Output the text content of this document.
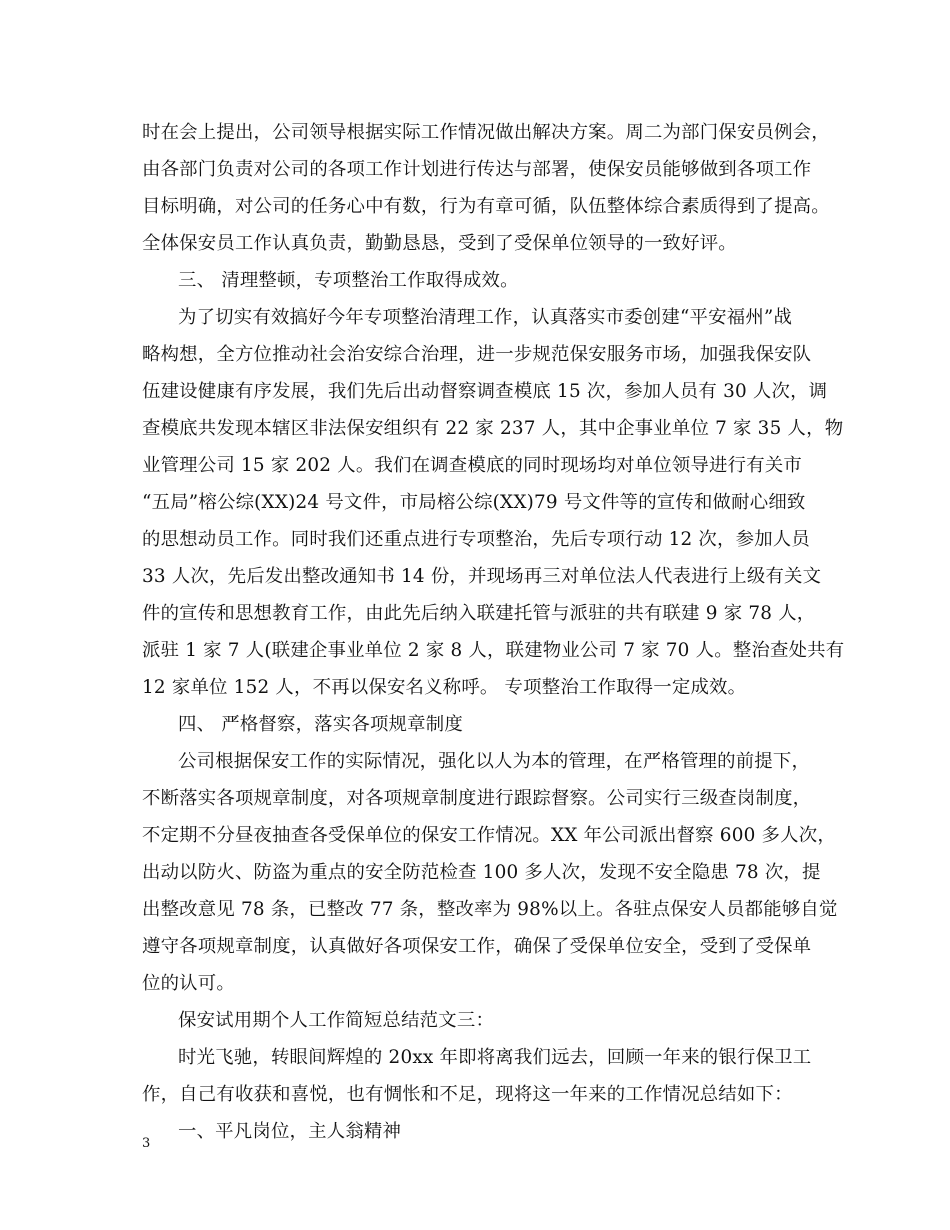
时在会上提出，公司领导根据实际工作情况做出解决方案。周二为部门保安员例会，
由各部门负责对公司的各项工作计划进行传达与部署，使保安员能够做到各项工作
目标明确，对公司的任务心中有数，行为有章可循，队伍整体综合素质得到了提高。
全体保安员工作认真负责，勤勤恳恳，受到了受保单位领导的一致好评。
三、 清理整顿，专项整治工作取得成效。
为了切实有效搞好今年专项整治清理工作，认真落实市委创建“平安福州”战
略构想，全方位推动社会治安综合治理，进一步规范保安服务市场，加强我保安队
伍建设健康有序发展，我们先后出动督察调查模底 15 次，参加人员有 30 人次，调
查模底共发现本辖区非法保安组织有 22 家 237 人，其中企事业单位 7 家 35 人，物
业管理公司 15 家 202 人。我们在调查模底的同时现场均对单位领导进行有关市
“五局”榕公综(XX)24 号文件，市局榕公综(XX)79 号文件等的宣传和做耐心细致
的思想动员工作。同时我们还重点进行专项整治，先后专项行动 12 次，参加人员
33 人次，先后发出整改通知书 14 份，并现场再三对单位法人代表进行上级有关文
件的宣传和思想教育工作，由此先后纳入联建托管与派驻的共有联建 9 家 78 人，
派驻 1 家 7 人(联建企事业单位 2 家 8 人，联建物业公司 7 家 70 人。整治查处共有
12 家单位 152 人，不再以保安名义称呼。 专项整治工作取得一定成效。
四、 严格督察，落实各项规章制度
公司根据保安工作的实际情况，强化以人为本的管理，在严格管理的前提下，
不断落实各项规章制度，对各项规章制度进行跟踪督察。公司实行三级查岗制度，
不定期不分昼夜抽查各受保单位的保安工作情况。XX 年公司派出督察 600 多人次，
出动以防火、防盗为重点的安全防范检查 100 多人次，发现不安全隐患 78 次，提
出整改意见 78 条，已整改 77 条，整改率为 98%以上。各驻点保安人员都能够自觉
遵守各项规章制度，认真做好各项保安工作，确保了受保单位安全，受到了受保单
位的认可。
保安试用期个人工作简短总结范文三：
时光飞驰，转眼间辉煌的 20xx 年即将离我们远去，回顾一年来的银行保卫工
作，自己有收获和喜悦，也有惆怅和不足，现将这一年来的工作情况总结如下：
一、平凡岗位，主人翁精神
3
